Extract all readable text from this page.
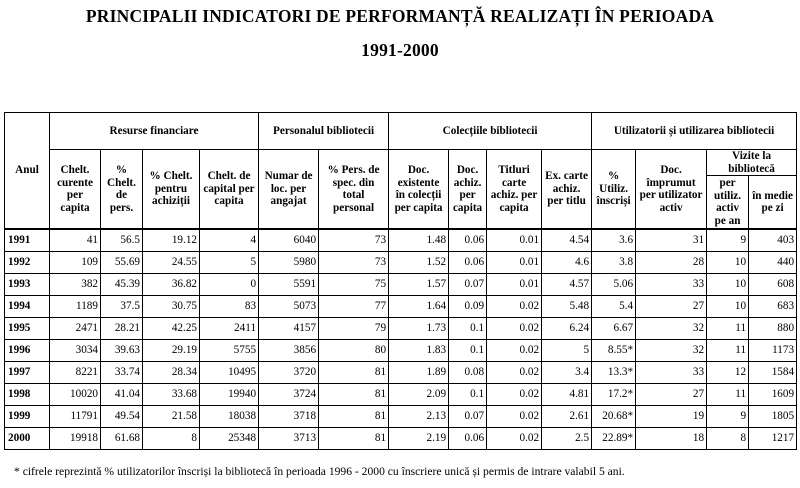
PRINCIPALII INDICATORI DE PERFORMANȚĂ REALIZAȚI ÎN PERIOADA
1991-2000
Anul	Resurse financiare				Personalul bibliotecii		Colecțiile bibliotecii				Utilizatorii și utilizarea bibliotecii			
	Chelt. curente per capita	% Chelt. de pers.	% Chelt. pentru achiziții	Chelt. de capital per capita	Numar de loc. per angajat	% Pers. de spec. din total personal	Doc. existente în colecții per capita	Doc. achiz. per capita	Titluri carte achiz. per capita	Ex. carte achiz. per titlu	% Utiliz. înscriși	Doc. împrumut per utilizator activ	Vizite la bibliotecă	
													per utiliz. activ pe an	în medie pe zi
1991	41	56.5	19.12	4	6040	73	1.48	0.06	0.01	4.54	3.6	31	9	403
1992	109	55.69	24.55	5	5980	73	1.52	0.06	0.01	4.6	3.8	28	10	440
1993	382	45.39	36.82	0	5591	75	1.57	0.07	0.01	4.57	5.06	33	10	608
1994	1189	37.5	30.75	83	5073	77	1.64	0.09	0.02	5.48	5.4	27	10	683
1995	2471	28.21	42.25	2411	4157	79	1.73	0.1	0.02	6.24	6.67	32	11	880
1996	3034	39.63	29.19	5755	3856	80	1.83	0.1	0.02	5	8.55*	32	11	1173
1997	8221	33.74	28.34	10495	3720	81	1.89	0.08	0.02	3.4	13.3*	33	12	1584
1998	10020	41.04	33.68	19940	3724	81	2.09	0.1	0.02	4.81	17.2*	27	11	1609
1999	11791	49.54	21.58	18038	3718	81	2.13	0.07	0.02	2.61	20.68*	19	9	1805
2000	19918	61.68	8	25348	3713	81	2.19	0.06	0.02	2.5	22.89*	18	8	1217
* cifrele reprezintă % utilizatorilor înscriși la bibliotecă în perioada 1996 - 2000 cu înscriere unică și permis de intrare valabil 5 ani.
